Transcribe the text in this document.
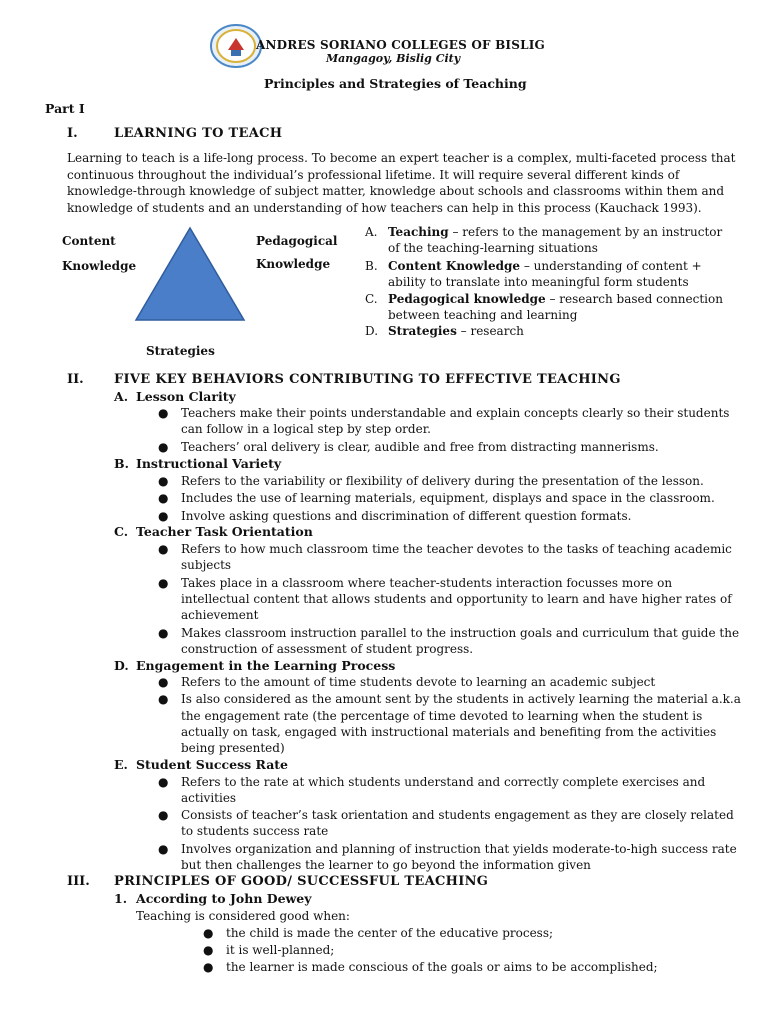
ANDRES SORIANO COLLEGES OF BISLIG
Mangagoy, Bislig City
Principles and Strategies of Teaching
Part I
I.	LEARNING TO TEACH
Learning to teach is a life-long process. To become an expert teacher is a complex, multi-faceted process that
continuous throughout the individual’s professional lifetime. It will require several different kinds of
knowledge-through knowledge of subject matter, knowledge about schools and classrooms within them and
knowledge of students and an understanding of how teachers can help in this process (Kauchack 1993).
Content
Knowledge
Pedagogical
Knowledge
Strategies
A. Teaching – refers to the management by an instructor
of the teaching-learning situations
B. Content Knowledge – understanding of content +
ability to translate into meaningful form students
C. Pedagogical knowledge – research based connection
between teaching and learning
D. Strategies – research
II. FIVE KEY BEHAVIORS CONTRIBUTING TO EFFECTIVE TEACHING
A. Lesson Clarity
● Teachers make their points understandable and explain concepts clearly so their students
can follow in a logical step by step order.
● Teachers’ oral delivery is clear, audible and free from distracting mannerisms.
B. Instructional Variety
● Refers to the variability or flexibility of delivery during the presentation of the lesson.
● Includes the use of learning materials, equipment, displays and space in the classroom.
● Involve asking questions and discrimination of different question formats.
C. Teacher Task Orientation
● Refers to how much classroom time the teacher devotes to the tasks of teaching academic
subjects
● Takes place in a classroom where teacher-students interaction focusses more on
intellectual content that allows students and opportunity to learn and have higher rates of
achievement
● Makes classroom instruction parallel to the instruction goals and curriculum that guide the
construction of assessment of student progress.
D. Engagement in the Learning Process
● Refers to the amount of time students devote to learning an academic subject
● Is also considered as the amount sent by the students in actively learning the material a.k.a
the engagement rate (the percentage of time devoted to learning when the student is
actually on task, engaged with instructional materials and benefiting from the activities
being presented)
E. Student Success Rate
● Refers to the rate at which students understand and correctly complete exercises and
activities
● Consists of teacher’s task orientation and students engagement as they are closely related
to students success rate
● Involves organization and planning of instruction that yields moderate-to-high success rate
but then challenges the learner to go beyond the information given
III. PRINCIPLES OF GOOD/ SUCCESSFUL TEACHING
1. According to John Dewey
Teaching is considered good when:
● the child is made the center of the educative process;
● it is well-planned;
● the learner is made conscious of the goals or aims to be accomplished;
